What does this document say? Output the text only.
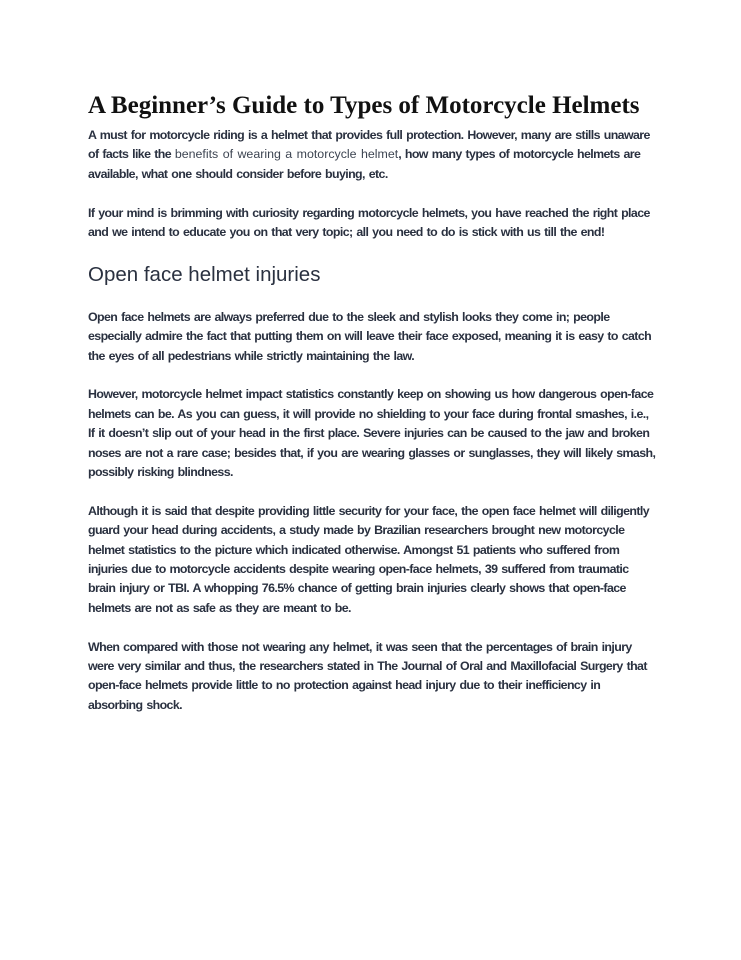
A Beginner’s Guide to Types of Motorcycle Helmets

A must for motorcycle riding is a helmet that provides full protection. However, many are stills unaware of facts like the benefits of wearing a motorcycle helmet, how many types of motorcycle helmets are available, what one should consider before buying, etc.

If your mind is brimming with curiosity regarding motorcycle helmets, you have reached the right place and we intend to educate you on that very topic; all you need to do is stick with us till the end!

Open face helmet injuries

Open face helmets are always preferred due to the sleek and stylish looks they come in; people especially admire the fact that putting them on will leave their face exposed, meaning it is easy to catch the eyes of all pedestrians while strictly maintaining the law.

However, motorcycle helmet impact statistics constantly keep on showing us how dangerous open-face helmets can be. As you can guess, it will provide no shielding to your face during frontal smashes, i.e., If it doesn’t slip out of your head in the first place. Severe injuries can be caused to the jaw and broken noses are not a rare case; besides that, if you are wearing glasses or sunglasses, they will likely smash, possibly risking blindness.

Although it is said that despite providing little security for your face, the open face helmet will diligently guard your head during accidents, a study made by Brazilian researchers brought new motorcycle helmet statistics to the picture which indicated otherwise. Amongst 51 patients who suffered from injuries due to motorcycle accidents despite wearing open-face helmets, 39 suffered from traumatic brain injury or TBI. A whopping 76.5% chance of getting brain injuries clearly shows that open-face helmets are not as safe as they are meant to be.

When compared with those not wearing any helmet, it was seen that the percentages of brain injury were very similar and thus, the researchers stated in The Journal of Oral and Maxillofacial Surgery that open-face helmets provide little to no protection against head injury due to their inefficiency in absorbing shock.
